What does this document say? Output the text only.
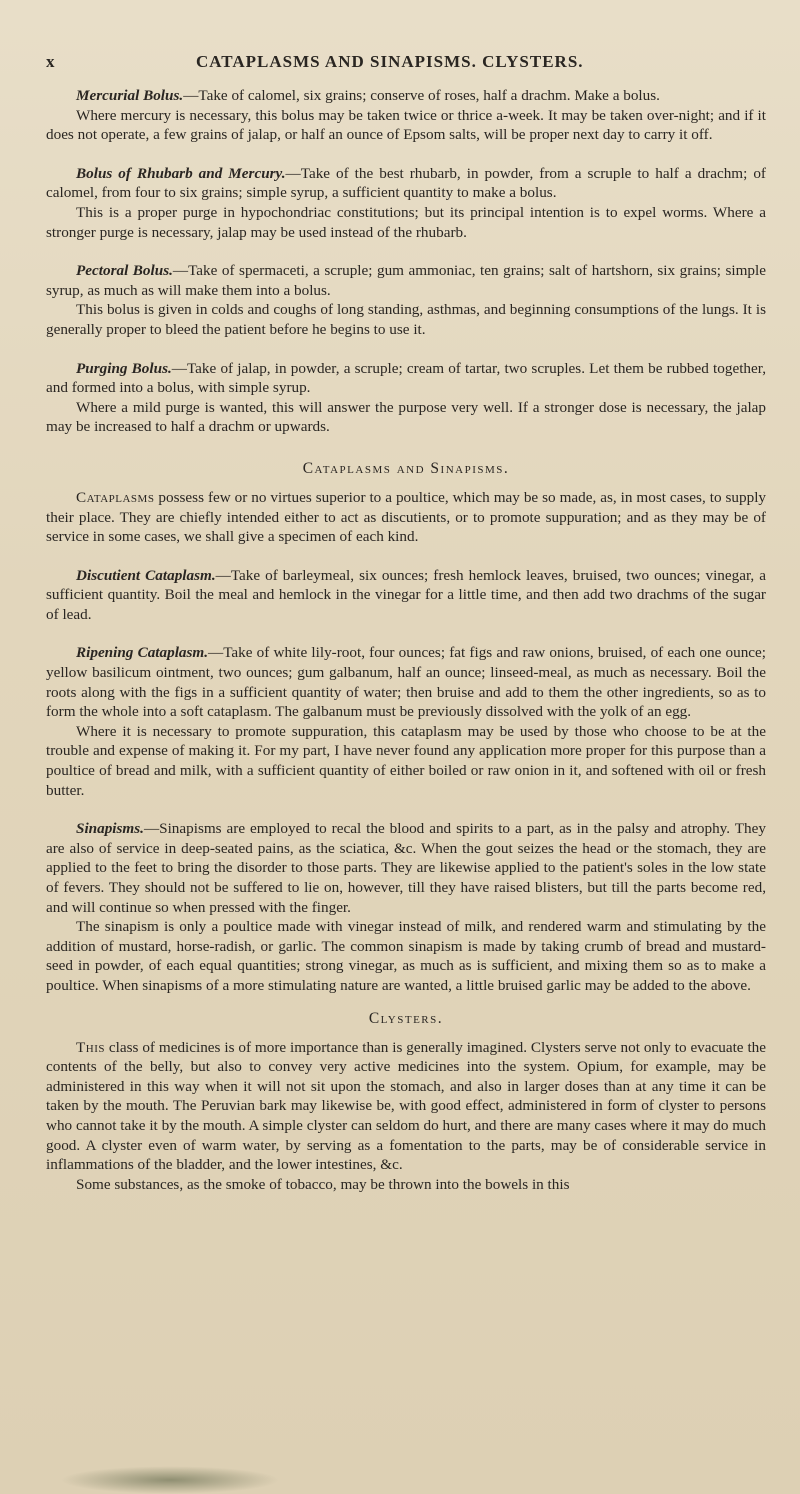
x	CATAPLASMS AND SINAPISMS. CLYSTERS.

Mercurial Bolus.—Take of calomel, six grains; conserve of roses, half a drachm. Make a bolus.

Where mercury is necessary, this bolus may be taken twice or thrice a-week. It may be taken over-night; and if it does not operate, a few grains of jalap, or half an ounce of Epsom salts, will be proper next day to carry it off.

Bolus of Rhubarb and Mercury.—Take of the best rhubarb, in powder, from a scruple to half a drachm; of calomel, from four to six grains; simple syrup, a sufficient quantity to make a bolus.

This is a proper purge in hypochondriac constitutions; but its principal intention is to expel worms. Where a stronger purge is necessary, jalap may be used instead of the rhubarb.

Pectoral Bolus.—Take of spermaceti, a scruple; gum ammoniac, ten grains; salt of hartshorn, six grains; simple syrup, as much as will make them into a bolus.

This bolus is given in colds and coughs of long standing, asthmas, and beginning consumptions of the lungs. It is generally proper to bleed the patient before he begins to use it.

Purging Bolus.—Take of jalap, in powder, a scruple; cream of tartar, two scruples. Let them be rubbed together, and formed into a bolus, with simple syrup.

Where a mild purge is wanted, this will answer the purpose very well. If a stronger dose is necessary, the jalap may be increased to half a drachm or upwards.

Cataplasms and Sinapisms.

Cataplasms possess few or no virtues superior to a poultice, which may be so made, as, in most cases, to supply their place. They are chiefly intended either to act as discutients, or to promote suppuration; and as they may be of service in some cases, we shall give a specimen of each kind.

Discutient Cataplasm.—Take of barleymeal, six ounces; fresh hemlock leaves, bruised, two ounces; vinegar, a sufficient quantity. Boil the meal and hemlock in the vinegar for a little time, and then add two drachms of the sugar of lead.

Ripening Cataplasm.—Take of white lily-root, four ounces; fat figs and raw onions, bruised, of each one ounce; yellow basilicum ointment, two ounces; gum galbanum, half an ounce; linseed-meal, as much as necessary. Boil the roots along with the figs in a sufficient quantity of water; then bruise and add to them the other ingredients, so as to form the whole into a soft cataplasm. The galbanum must be previously dissolved with the yolk of an egg.

Where it is necessary to promote suppuration, this cataplasm may be used by those who choose to be at the trouble and expense of making it. For my part, I have never found any application more proper for this purpose than a poultice of bread and milk, with a sufficient quantity of either boiled or raw onion in it, and softened with oil or fresh butter.

Sinapisms.—Sinapisms are employed to recal the blood and spirits to a part, as in the palsy and atrophy. They are also of service in deep-seated pains, as the sciatica, &c. When the gout seizes the head or the stomach, they are applied to the feet to bring the disorder to those parts. They are likewise applied to the patient's soles in the low state of fevers. They should not be suffered to lie on, however, till they have raised blisters, but till the parts become red, and will continue so when pressed with the finger.

The sinapism is only a poultice made with vinegar instead of milk, and rendered warm and stimulating by the addition of mustard, horse-radish, or garlic. The common sinapism is made by taking crumb of bread and mustard-seed in powder, of each equal quantities; strong vinegar, as much as is sufficient, and mixing them so as to make a poultice. When sinapisms of a more stimulating nature are wanted, a little bruised garlic may be added to the above.

Clysters.

This class of medicines is of more importance than is generally imagined. Clysters serve not only to evacuate the contents of the belly, but also to convey very active medicines into the system. Opium, for example, may be administered in this way when it will not sit upon the stomach, and also in larger doses than at any time it can be taken by the mouth. The Peruvian bark may likewise be, with good effect, administered in form of clyster to persons who cannot take it by the mouth. A simple clyster can seldom do hurt, and there are many cases where it may do much good. A clyster even of warm water, by serving as a fomentation to the parts, may be of considerable service in inflammations of the bladder, and the lower intestines, &c.

Some substances, as the smoke of tobacco, may be thrown into the bowels in this
